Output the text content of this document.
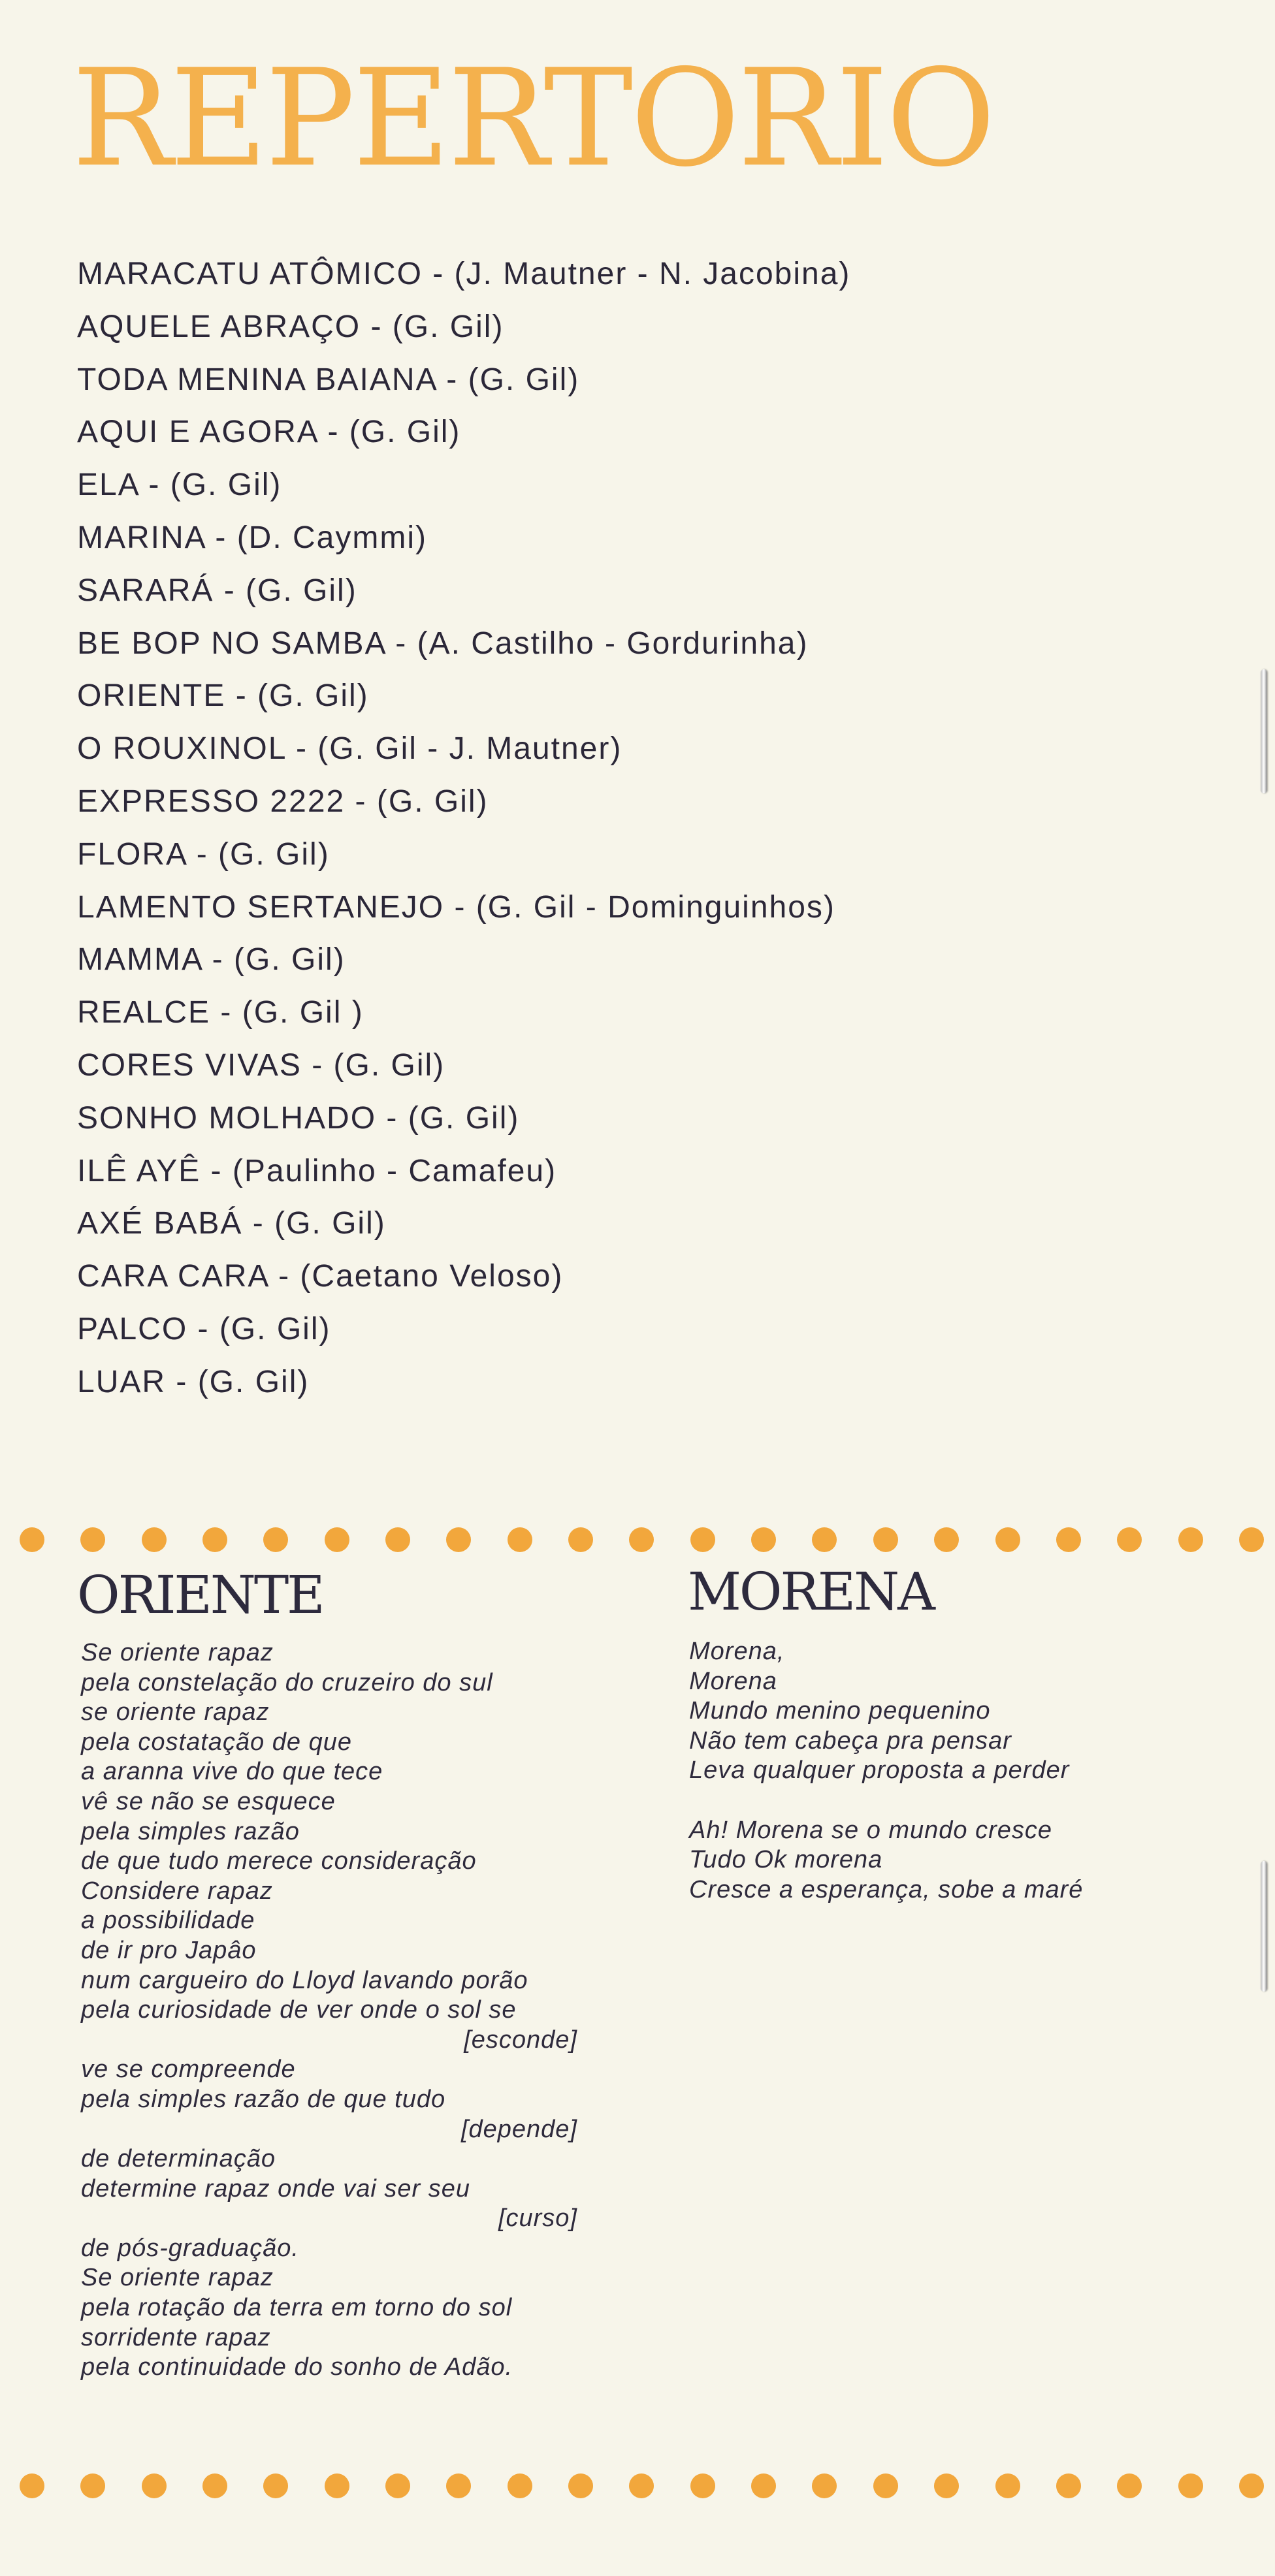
REPERTORIO
MARACATU ATÔMICO - (J. Mautner - N. Jacobina)
AQUELE ABRAÇO - (G. Gil)
TODA MENINA BAIANA - (G. Gil)
AQUI E AGORA - (G. Gil)
ELA - (G. Gil)
MARINA - (D. Caymmi)
SARARÁ - (G. Gil)
BE BOP NO SAMBA - (A. Castilho - Gordurinha)
ORIENTE - (G. Gil)
O ROUXINOL - (G. Gil - J. Mautner)
EXPRESSO 2222 - (G. Gil)
FLORA - (G. Gil)
LAMENTO SERTANEJO - (G. Gil - Dominguinhos)
MAMMA - (G. Gil)
REALCE - (G. Gil )
CORES VIVAS - (G. Gil)
SONHO MOLHADO - (G. Gil)
ILÊ AYÊ - (Paulinho - Camafeu)
AXÉ BABÁ - (G. Gil)
CARA CARA - (Caetano Veloso)
PALCO - (G. Gil)
LUAR - (G. Gil)
ORIENTE
Se oriente rapaz
pela constelação do cruzeiro do sul
se oriente rapaz
pela costatação de que
a aranna vive do que tece
vê se não se esquece
pela simples razão
de que tudo merece consideração
Considere rapaz
a possibilidade
de ir pro Japâo
num cargueiro do Lloyd lavando porão
pela curiosidade de ver onde o sol se
[esconde]
ve se compreende
pela simples razão de que tudo
[depende]
de determinação
determine rapaz onde vai ser seu
[curso]
de pós-graduação.
Se oriente rapaz
pela rotação da terra em torno do sol
sorridente rapaz
pela continuidade do sonho de Adão.
MORENA
Morena,
Morena
Mundo menino pequenino
Não tem cabeça pra pensar
Leva qualquer proposta a perder
Ah! Morena se o mundo cresce
Tudo Ok morena
Cresce a esperança, sobe a maré
